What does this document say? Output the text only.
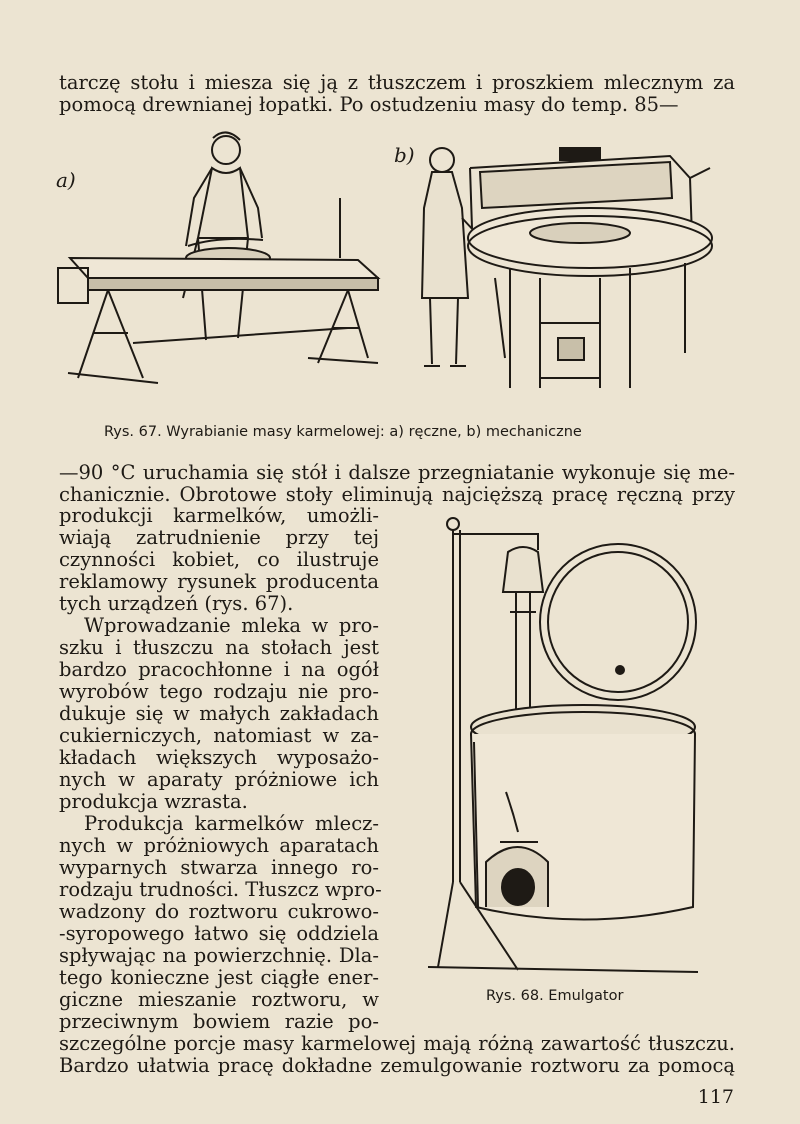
tarczę stołu i miesza się ją z tłuszczem i proszkiem mlecznym za
pomocą drewnianej łopatki. Po ostudzeniu masy do temp. 85—
a)
b)
Rys. 67. Wyrabianie masy karmelowej: a) ręczne, b) mechaniczne
—90 °C uruchamia się stół i dalsze przegniatanie wykonuje się me-
chanicznie. Obrotowe stoły eliminują najcięższą pracę ręczną przy
produkcji karmelków, umożli-
wiają zatrudnienie przy tej
czynności kobiet, co ilustruje
reklamowy rysunek producenta
tych urządzeń (rys. 67).
Wprowadzanie mleka w pro-
szku i tłuszczu na stołach jest
bardzo pracochłonne i na ogół
wyrobów tego rodzaju nie pro-
dukuje się w małych zakładach
cukierniczych, natomiast w za-
kładach większych wyposażo-
nych w aparaty próżniowe ich
produkcja wzrasta.
Produkcja karmelków mlecz-
nych w próżniowych aparatach
wyparnych stwarza innego ro-
rodzaju trudności. Tłuszcz wpro-
wadzony do roztworu cukrowo-
-syropowego łatwo się oddziela
spływając na powierzchnię. Dla-
tego konieczne jest ciągłe ener-
giczne mieszanie roztworu, w
przeciwnym bowiem razie po-
Rys. 68. Emulgator
szczególne porcje masy karmelowej mają różną zawartość tłuszczu.
Bardzo ułatwia pracę dokładne zemulgowanie roztworu za pomocą
117
